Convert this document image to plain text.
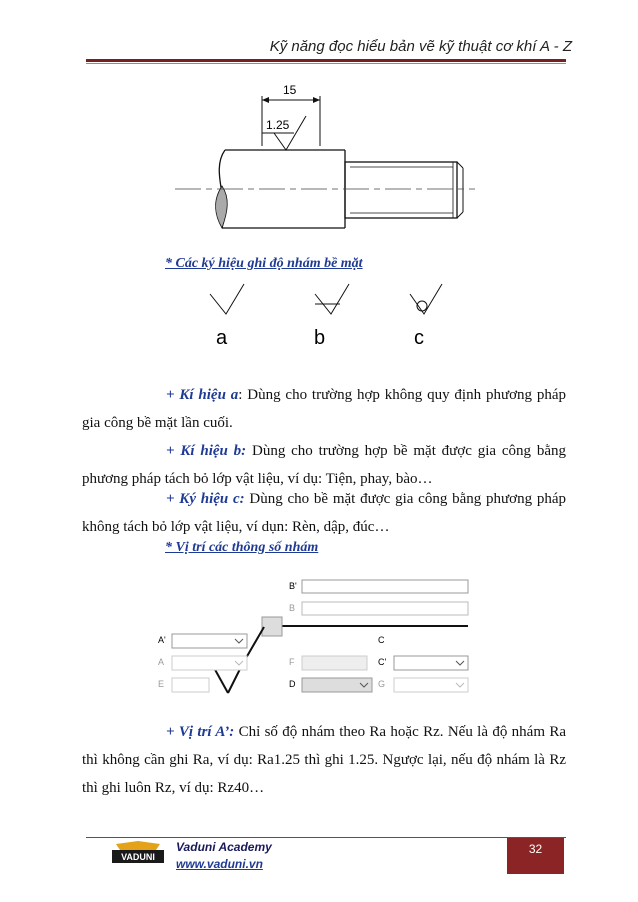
Kỹ năng đọc hiểu bản vẽ kỹ thuật cơ khí A - Z
15
1.25
* Các ký hiệu ghi độ nhám bề mặt
a	b	c
+ Kí hiệu a: Dùng cho trường hợp không quy định phương pháp gia công bề mặt lần cuối.
+ Kí hiệu b: Dùng cho trường hợp bề mặt được gia công bằng phương pháp tách bỏ lớp vật liệu, ví dụ: Tiện, phay, bào…
+ Ký hiệu c: Dùng cho bề mặt được gia công bằng phương pháp không tách bỏ lớp vật liệu, ví dụn: Rèn, dập, đúc…
* Vị trí các thông số nhám
B'
B
A'
A
E
F
D
C
C'
G
+ Vị trí A’: Chỉ số độ nhám theo Ra hoặc Rz. Nếu là độ nhám Ra thì không cần ghi Ra, ví dụ: Ra1.25 thì ghi 1.25. Ngược lại, nếu độ nhám là Rz thì ghi luôn Rz, ví dụ: Rz40…
VADUNI
Vaduni Academy
www.vaduni.vn
32
